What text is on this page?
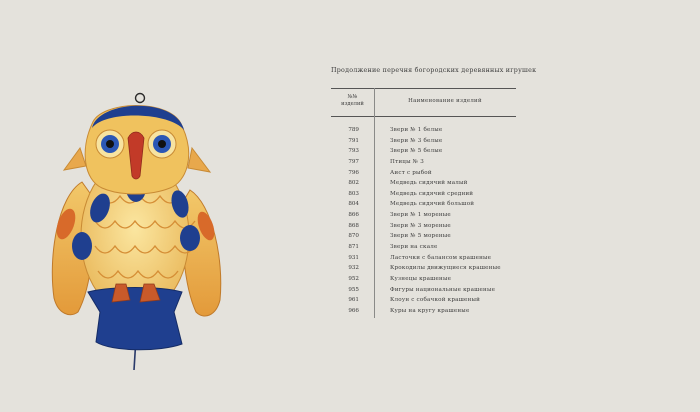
Продолжение перечня богородских деревянных игрушек
№№
изделий	Наименование изделий
789	Звери № 1 белые
791	Звери № 3 белые
793	Звери № 5 белые
797	Птицы № 3
796	Аист с рыбой
802	Медведь сидячий малый
803	Медведь сидячий средний
804	Медведь сидячий большой
866	Звери № 1 мореные
868	Звери № 3 мореные
870	Звери № 5 мореные
871	Звери на скале
931	Ласточки с балансом крашеные
932	Крокодилы движущиеся крашеные
952	Кузнецы крашеные
955	Фигуры национальные крашеные
961	Клоун с собачкой крашеный
966	Куры на кругу крашеные
